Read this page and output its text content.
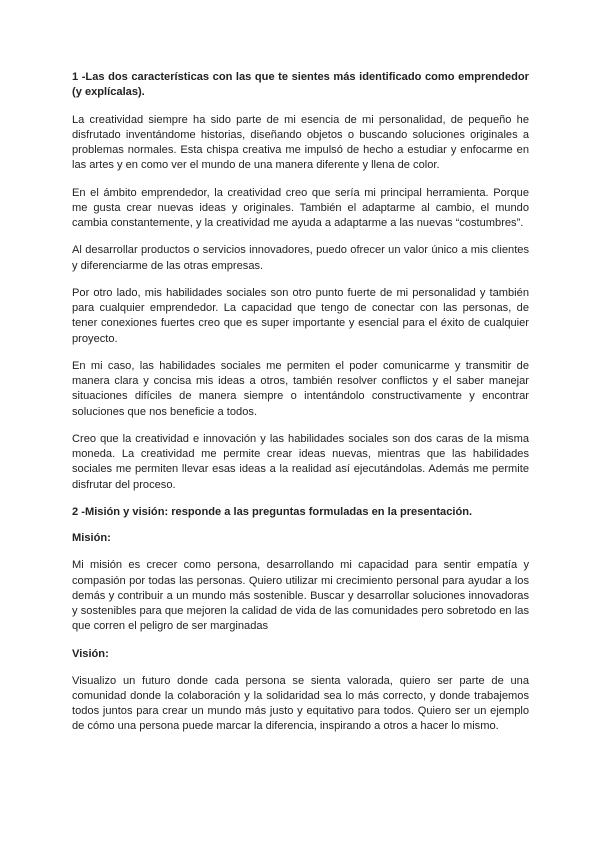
1 -Las dos características con las que te sientes más identificado como emprendedor (y explícalas).

La creatividad siempre ha sido parte de mi esencia de mi personalidad, de pequeño he disfrutado inventándome historias, diseñando objetos o buscando soluciones originales a problemas normales. Esta chispa creativa me impulsó de hecho a estudiar y enfocarme en las artes y en como ver el mundo de una manera diferente y llena de color.

En el ámbito emprendedor, la creatividad creo que sería mi principal herramienta. Porque me gusta crear nuevas ideas y originales. También el adaptarme al cambio, el mundo cambia constantemente, y la creatividad me ayuda a adaptarme a las nuevas “costumbres”.

Al desarrollar productos o servicios innovadores, puedo ofrecer un valor único a mis clientes y diferenciarme de las otras empresas.

Por otro lado, mis habilidades sociales son otro punto fuerte de mi personalidad y también para cualquier emprendedor. La capacidad que tengo de conectar con las personas, de tener conexiones fuertes creo que es super importante y esencial para el éxito de cualquier proyecto.

En mi caso, las habilidades sociales me permiten el poder comunicarme y transmitir de manera clara y concisa mis ideas a otros, también resolver conflictos y el saber manejar situaciones difíciles de manera siempre o intentándolo constructivamente y encontrar soluciones que nos beneficie a todos.

Creo que la creatividad e innovación y las habilidades sociales son dos caras de la misma moneda. La creatividad me permite crear ideas nuevas, mientras que las habilidades sociales me permiten llevar esas ideas a la realidad así ejecutándolas. Además me permite disfrutar del proceso.

2 -Misión y visión: responde a las preguntas formuladas en la presentación.

Misión:

Mi misión es crecer como persona, desarrollando mi capacidad para sentir empatía y compasión por todas las personas. Quiero utilizar mi crecimiento personal para ayudar a los demás y contribuir a un mundo más sostenible. Buscar y desarrollar soluciones innovadoras y sostenibles para que mejoren la calidad de vida de las comunidades pero sobretodo en las que corren el peligro de ser marginadas

Visión:

Visualizo un futuro donde cada persona se sienta valorada, quiero ser parte de una comunidad donde la colaboración y la solidaridad sea lo más correcto, y donde trabajemos todos juntos para crear un mundo más justo y equitativo para todos. Quiero ser un ejemplo de cómo una persona puede marcar la diferencia, inspirando a otros a hacer lo mismo.
